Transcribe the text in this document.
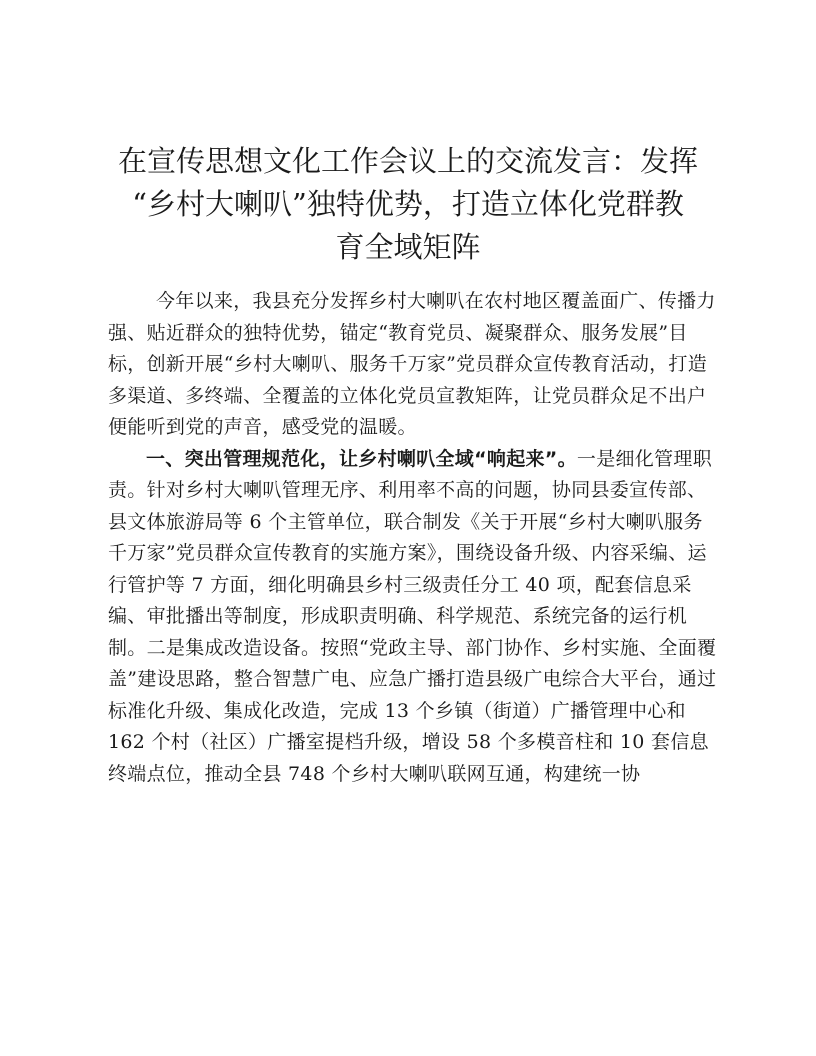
在宣传思想文化工作会议上的交流发言：发挥
“乡村大喇叭”独特优势，打造立体化党群教
育全域矩阵

今年以来，我县充分发挥乡村大喇叭在农村地区覆盖面广、传播力强、贴近群众的独特优势，锚定“教育党员、凝聚群众、服务发展”目标，创新开展“乡村大喇叭、服务千万家”党员群众宣传教育活动，打造多渠道、多终端、全覆盖的立体化党员宣教矩阵，让党员群众足不出户便能听到党的声音，感受党的温暖。

一、突出管理规范化，让乡村喇叭全域“响起来”。一是细化管理职责。针对乡村大喇叭管理无序、利用率不高的问题，协同县委宣传部、县文体旅游局等 6 个主管单位，联合制发《关于开展“乡村大喇叭服务千万家”党员群众宣传教育的实施方案》，围绕设备升级、内容采编、运行管护等 7 方面，细化明确县乡村三级责任分工 40 项，配套信息采编、审批播出等制度，形成职责明确、科学规范、系统完备的运行机制。二是集成改造设备。按照“党政主导、部门协作、乡村实施、全面覆盖”建设思路，整合智慧广电、应急广播打造县级广电综合大平台，通过标准化升级、集成化改造，完成 13 个乡镇（街道）广播管理中心和 162 个村（社区）广播室提档升级，增设 58 个多模音柱和 10 套信息终端点位，推动全县 748 个乡村大喇叭联网互通，构建统一协
